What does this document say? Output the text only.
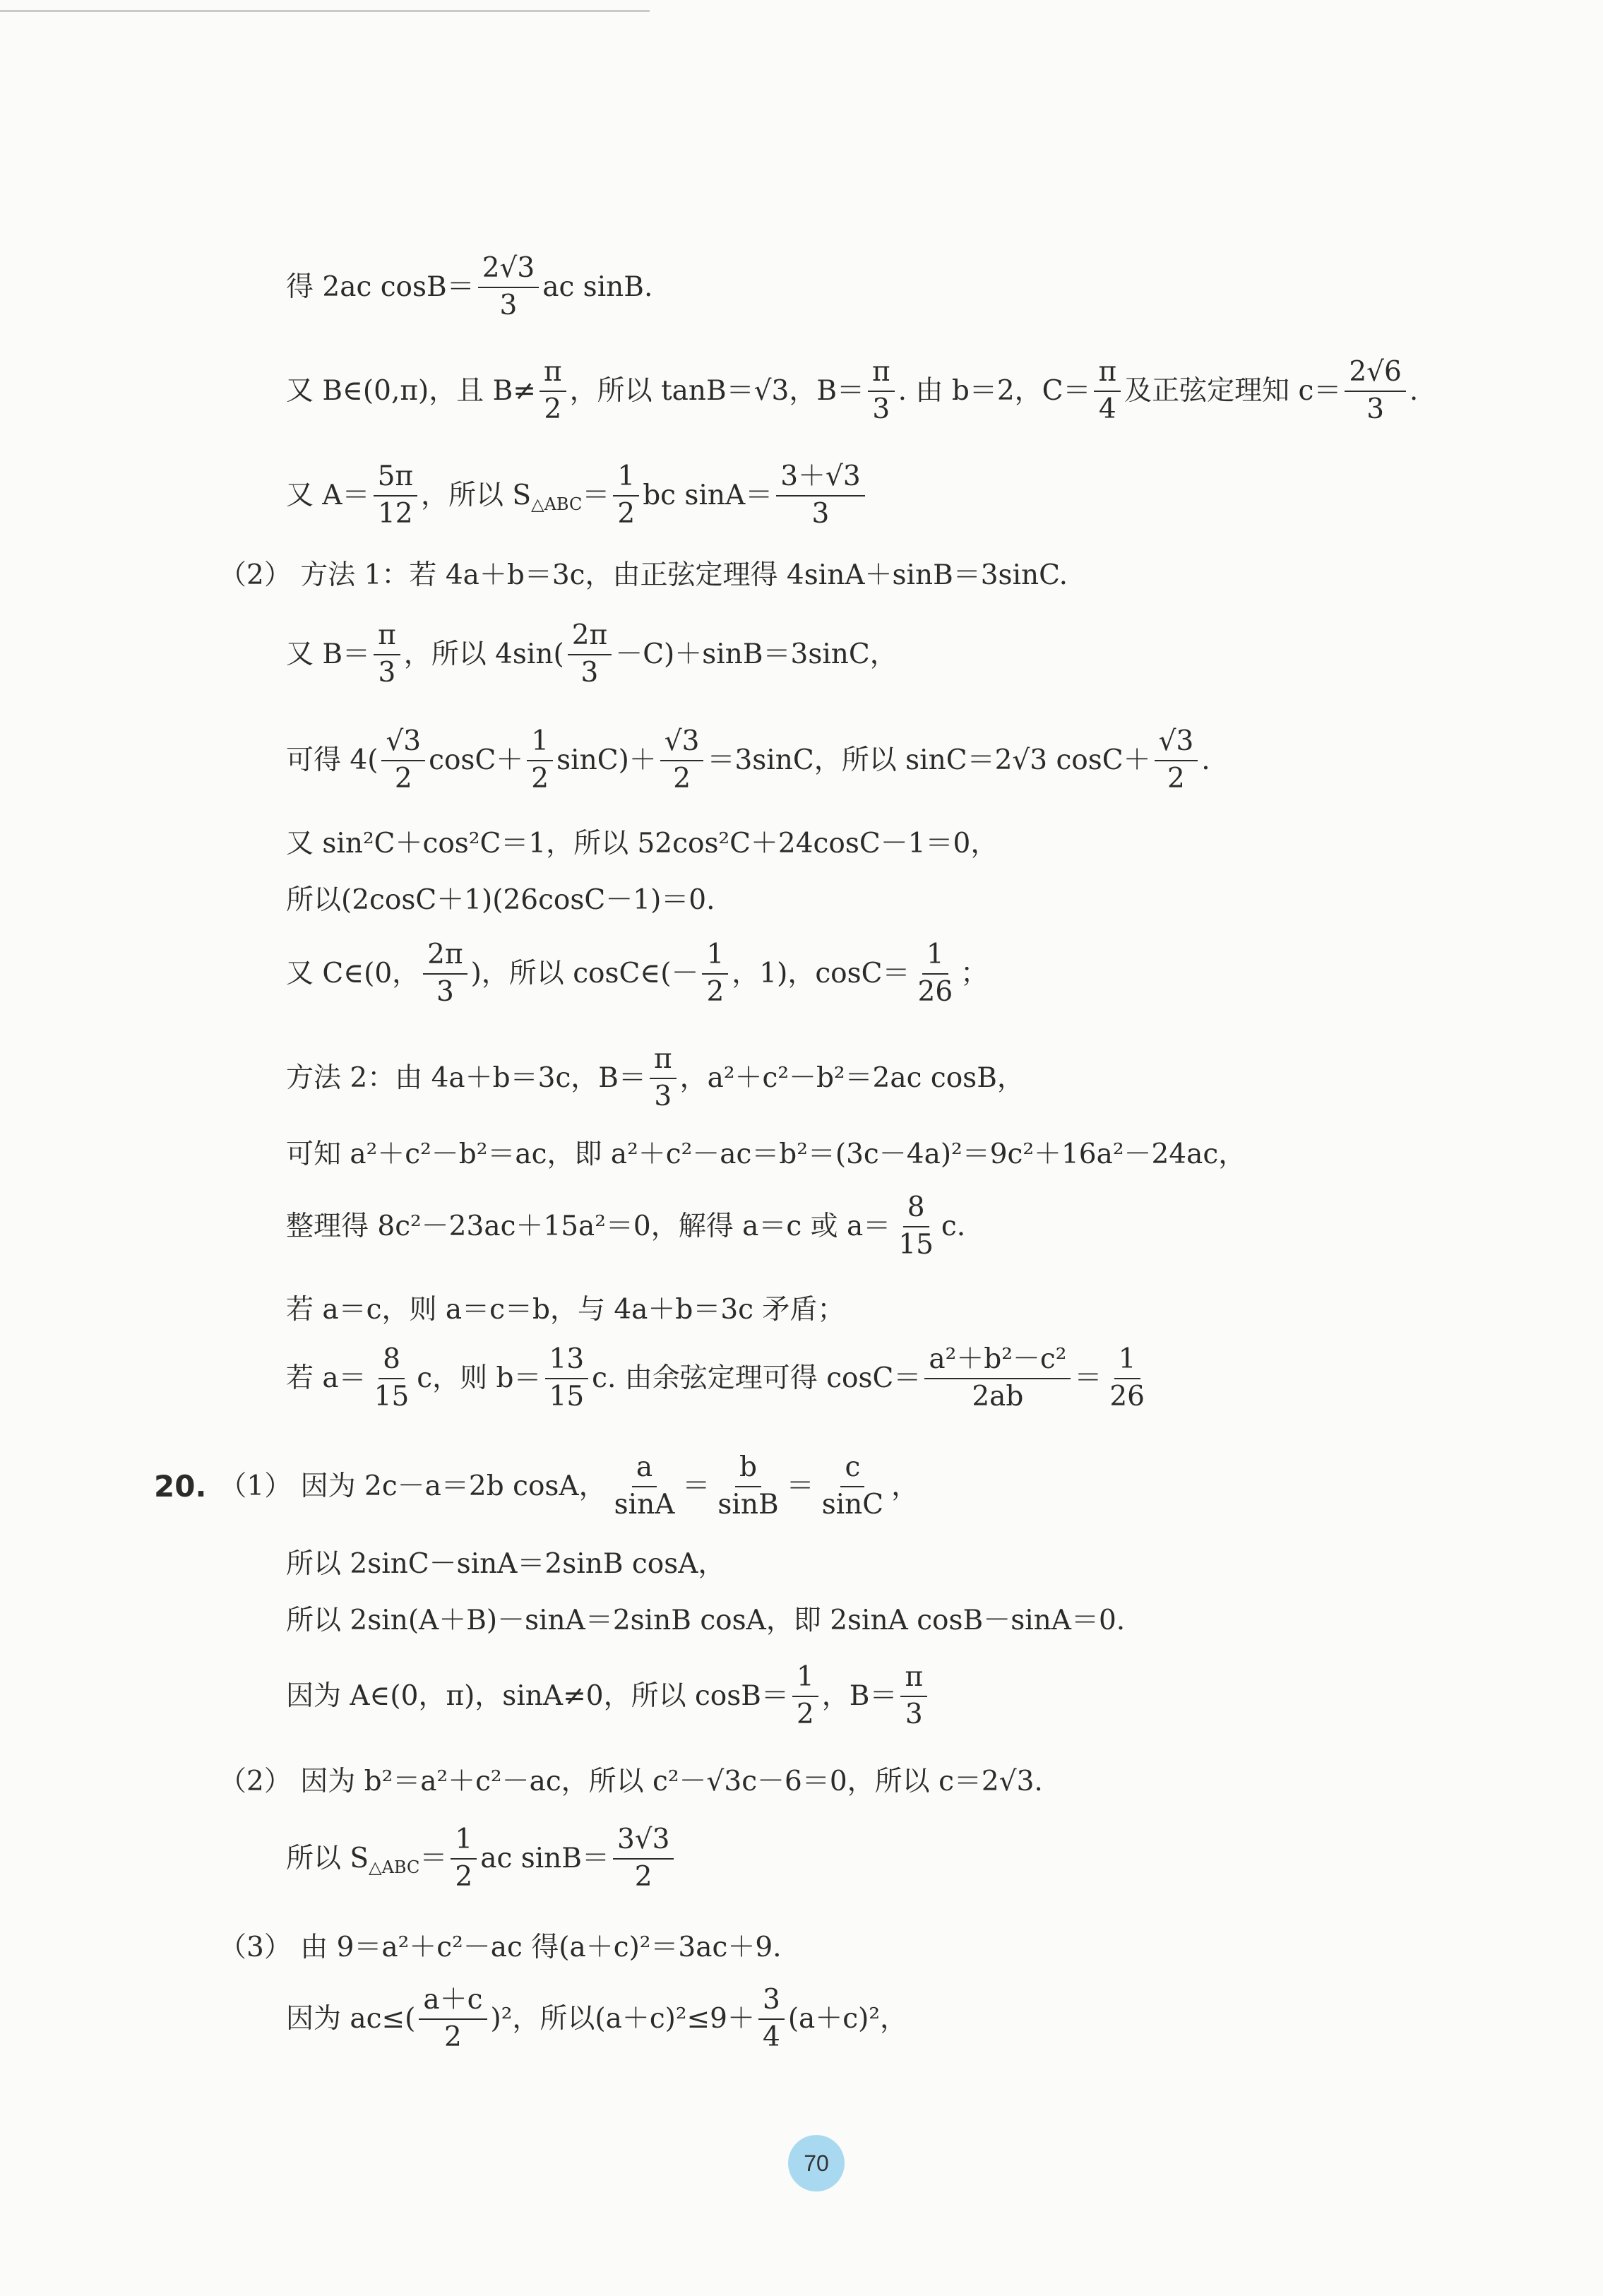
得 2ac $\cos B= \frac{2√3}{3}$ ac sinB.
又 B∈(0,π)，且 $B\ne \frac{\pi}{2}$ ，所以 tanB＝√3，$B= \frac{\pi}{3}$ . 由 b＝2，$C= \frac{\pi}{4}$ 及正弦定理知 $c= \frac{2√6}{3}$ .
又 $A= \frac{5\pi}{12}$ ，所以 S △ABC ＝ $\frac{1}{2}$ bc $\sin A= \frac{3+√3}{3}$
（2） 方法 1：若 4a＋b＝3c，由正弦定理得 4sinA＋sinB＝3sinC.
又 $B= \frac{\pi}{3}$ ，所以 $4\sin( \frac{2\pi}{3} -C)+\sin B=3\sin C$，
可得 $4( \frac{√3}{2} \cos C+ \frac{1}{2} \sin C)+ \frac{√3}{2} =3\sin C$，所以 sinC＝2√3 $\cos C+ \frac{√3}{2}$ .
又 sin²C＋cos²C＝1，所以 52cos²C＋24cosC－1＝0，
所以(2cosC＋1)(26cosC－1)＝0.
又 C∈(0， $\frac{2\pi}{3}$ )，所以 cosC∈(－ $\frac{1}{2}$ ，1)，$\cos C= \frac{1}{26}$ ；
方法 2：由 4a＋b＝3c，$B= \frac{\pi}{3}$ ，a²＋c²－b²＝2ac cosB，
可知 a²＋c²－b²＝ac，即 a²＋c²－ac＝b²＝(3c－4a)²＝9c²＋16a²－24ac，
整理得 8c²－23ac＋15a²＝0，解得 a＝c 或 $a= \frac{8}{15} c$.
若 a＝c，则 a＝c＝b，与 4a＋b＝3c 矛盾；
若 $a= \frac{8}{15}$ c，则 $b= \frac{13}{15} c$. 由余弦定理可得 $\cos C= \frac{\text{a²＋b²－c²}}{2ab} = \frac{1}{26}$
20. （1） 因为 2c－a＝2b cosA， $\frac{a}{\sin A} = \frac{b}{\sin B} = \frac{c}{\sin C}$ ，
所以 2sinC－sinA＝2sinB cosA，
所以 2sin(A＋B)－sinA＝2sinB cosA，即 2sinA cosB－sinA＝0.
因为 A∈(0，π)，sinA≠0，所以 $\cos B= \frac{1}{2}$ ，$B= \frac{\pi}{3}$
（2） 因为 b²＝a²＋c²－ac，所以 c²－√3c－6＝0，所以 c＝2√3.
所以 S △ABC ＝ $\frac{1}{2}$ ac $\sin B= \frac{3√3}{2}$
（3） 由 9＝a²＋c²－ac 得(a＋c)²＝3ac＋9.
因为 $ac\le( \frac{a+c}{2} )^2$，所以$(a+c)^2\le 9+ \frac{3}{4} (a+c)^2$，
70
